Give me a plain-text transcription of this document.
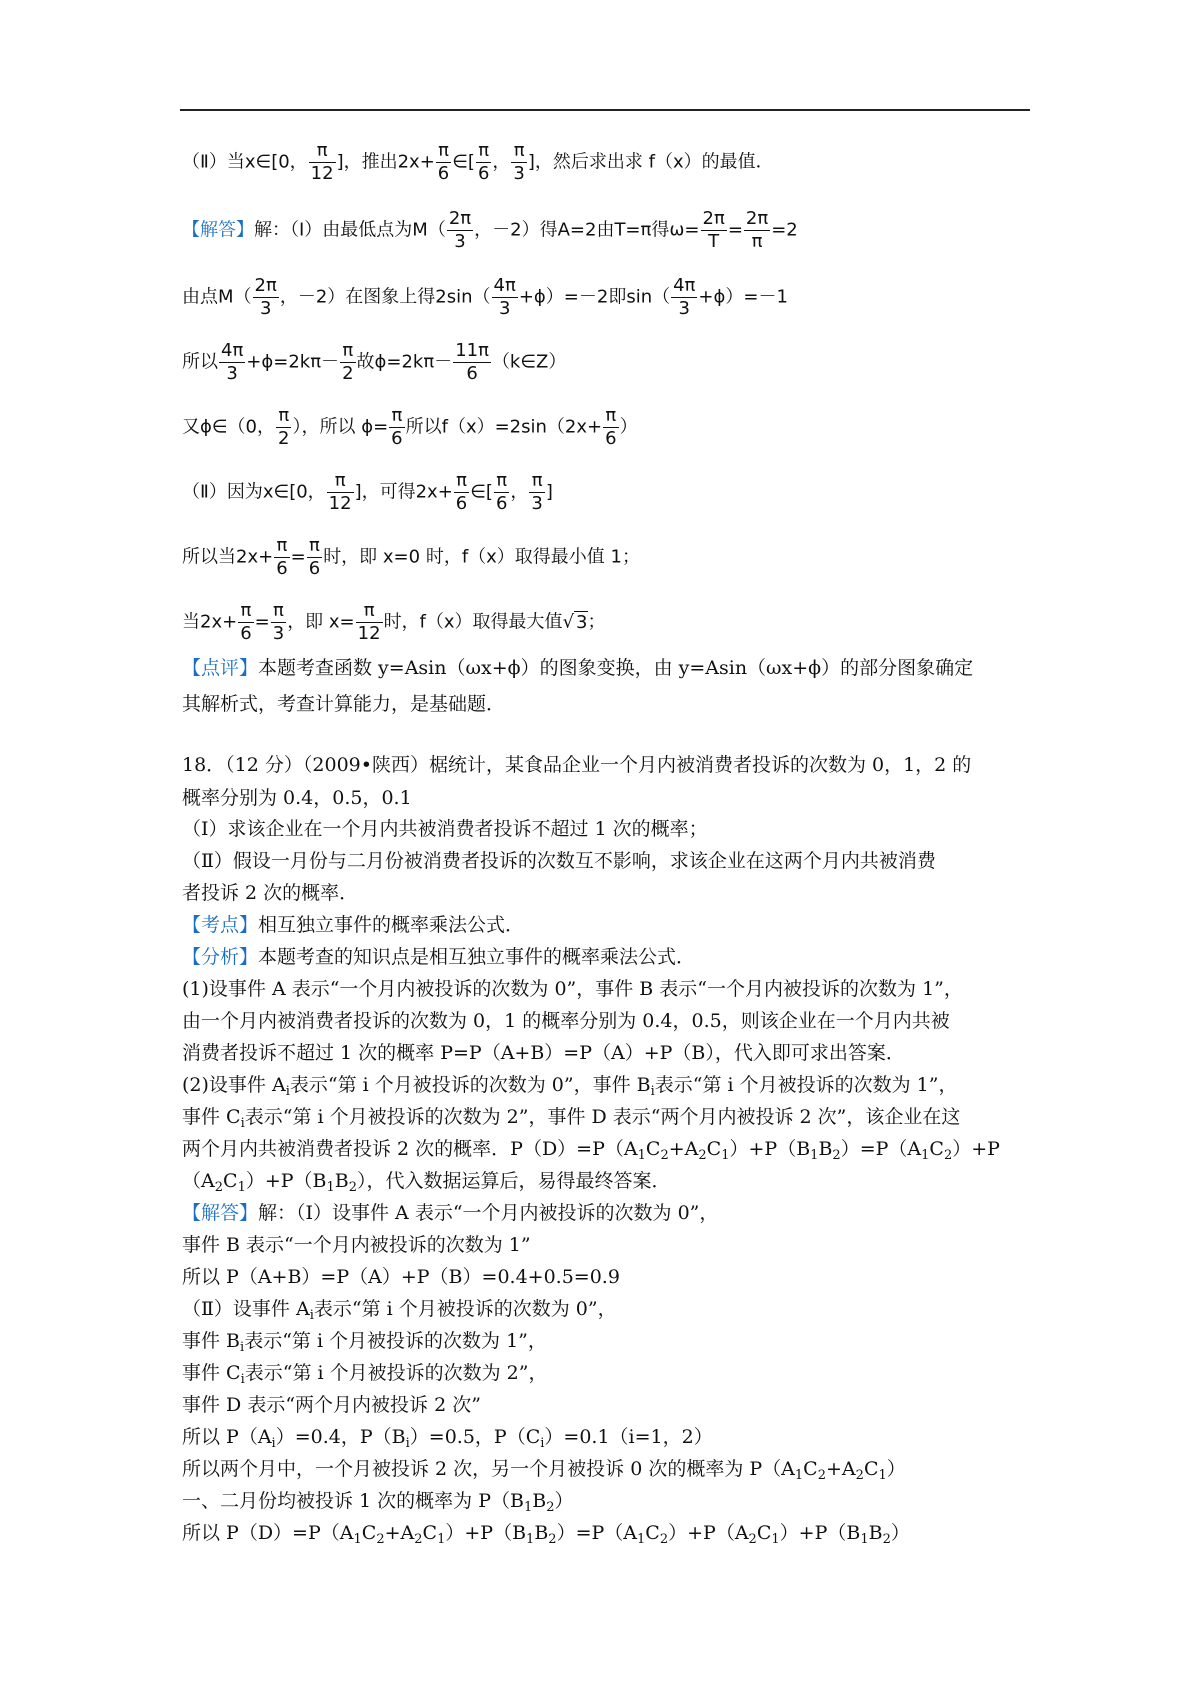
（Ⅱ）当x∈[0， $\frac{\pi}{12}$ ]，推出$2x+ \frac{\pi}{6}$ ∈[ $\frac{\pi}{6}$ ， $\frac{\pi}{3}$ ]，然后求出求 f（x）的最值．
【解答】解：（Ⅰ）由最低点为$M( \frac{2\pi}{3}$ ，－2）得A=2由T=π得$\omega= \frac{2\pi}{T} = \frac{2\pi}{\pi} =2$
由点$M( \frac{2\pi}{3}$ ，－2）在图象上得$2\sin( \frac{4\pi}{3} +\phi)=-2$即$\sin( \frac{4\pi}{3} +\phi)=-1$
所以 $\frac{4\pi}{3} +\phi=2k\pi- \frac{\pi}{2}$ 故$\phi=2k\pi- \frac{11\pi}{6}$ （k∈Z）
又ϕ∈（0， $\frac{\pi}{2}$ ），所以 $\phi= \frac{\pi}{6}$ 所以$f(x)=2\sin(2x+ \frac{\pi}{6}$ ）
（Ⅱ）因为x∈[0， $\frac{\pi}{12}$ ]，可得$2x+ \frac{\pi}{6}$ ∈[ $\frac{\pi}{6}$ ， $\frac{\pi}{3}$ ]
所以当$2x+ \frac{\pi}{6} = \frac{\pi}{6}$ 时，即 x=0 时，f（x）取得最小值 1；
当$2x+ \frac{\pi}{6} = \frac{\pi}{3}$ ，即 $x= \frac{\pi}{12}$ 时，f（x）取得最大值√ 3；
【点评】本题考查函数 y=Asin（ωx+ϕ）的图象变换，由 y=Asin（ωx+ϕ）的部分图象确定
其解析式，考查计算能力，是基础题．
18．（12 分）（2009•陕西）椐统计，某食品企业一个月内被消费者投诉的次数为 0，1，2 的
概率分别为 0.4，0.5，0.1
（Ⅰ）求该企业在一个月内共被消费者投诉不超过 1 次的概率；
（Ⅱ）假设一月份与二月份被消费者投诉的次数互不影响，求该企业在这两个月内共被消费
者投诉 2 次的概率．
【考点】相互独立事件的概率乘法公式．
【分析】本题考查的知识点是相互独立事件的概率乘法公式．
(1)设事件 A 表示“一个月内被投诉的次数为 0”，事件 B 表示“一个月内被投诉的次数为 1”，
由一个月内被消费者投诉的次数为 0，1 的概率分别为 0.4，0.5，则该企业在一个月内共被
消费者投诉不超过 1 次的概率 P=P（A+B）=P（A）+P（B），代入即可求出答案．
(2)设事件 $A_i$表示“第 i 个月被投诉的次数为 0”，事件 $B_i$表示“第 i 个月被投诉的次数为 1”，
事件 $C_i$表示“第 i 个月被投诉的次数为 2”，事件 D 表示“两个月内被投诉 2 次”，该企业在这
两个月内共被消费者投诉 2 次的概率．$P(D)=P(A_1C_2+A_2C_1)+P(B_1B_2)=P(A_1C_2)+P$
$(A_2C_1)+P(B_1B_2)$，代入数据运算后，易得最终答案．
【解答】解：（Ⅰ）设事件 A 表示“一个月内被投诉的次数为 0”，
事件 B 表示“一个月内被投诉的次数为 1”
所以 P（A+B）=P（A）+P（B）=0.4+0.5=0.9
（Ⅱ）设事件 $A_i$表示“第 i 个月被投诉的次数为 0”，
事件 $B_i$表示“第 i 个月被投诉的次数为 1”，
事件 $C_i$表示“第 i 个月被投诉的次数为 2”，
事件 D 表示“两个月内被投诉 2 次”
所以 $P(A_i)=0.4$，$P(B_i)=0.5$，$P(C_i)=0.1(i=1$，2）
所以两个月中，一个月被投诉 2 次，另一个月被投诉 0 次的概率为 $P(A_1C_2+A_2C_1)$
一、二月份均被投诉 1 次的概率为 $P(B_1B_2)$
所以 $P(D)=P(A_1C_2+A_2C_1)+P(B_1B_2)=P(A_1C_2)+P(A_2C_1)+P(B_1B_2)$
